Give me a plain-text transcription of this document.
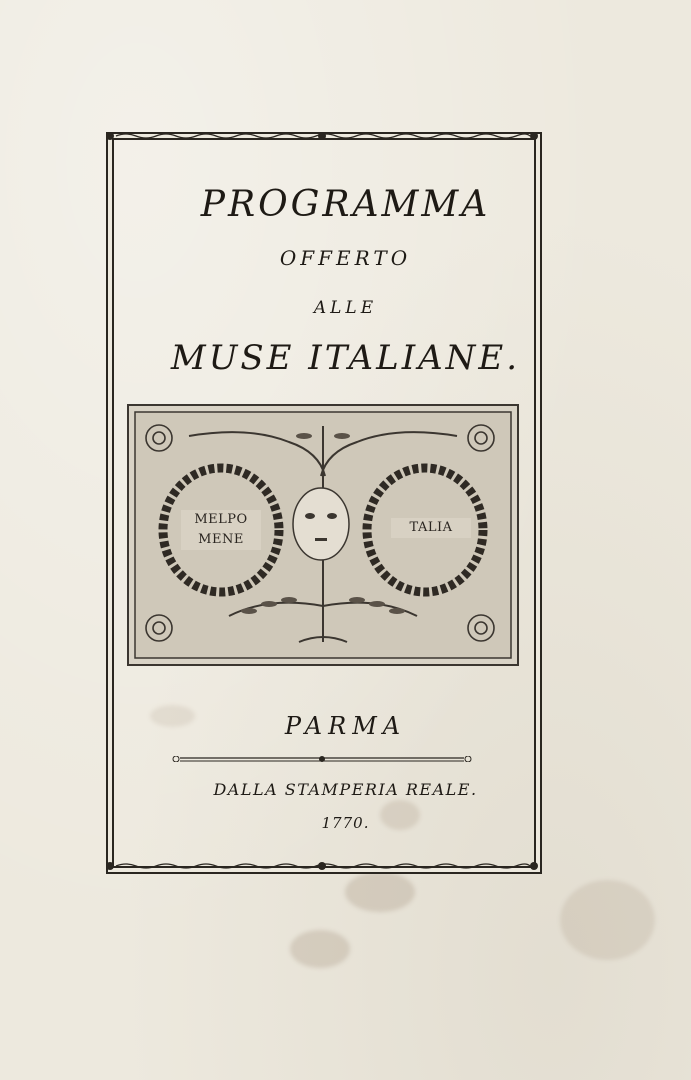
PROGRAMMA
OFFERTO
ALLE
MUSE ITALIANE.
MELPO
MENE
TALIA
PARMA
DALLA STAMPERIA REALE.
1770.
